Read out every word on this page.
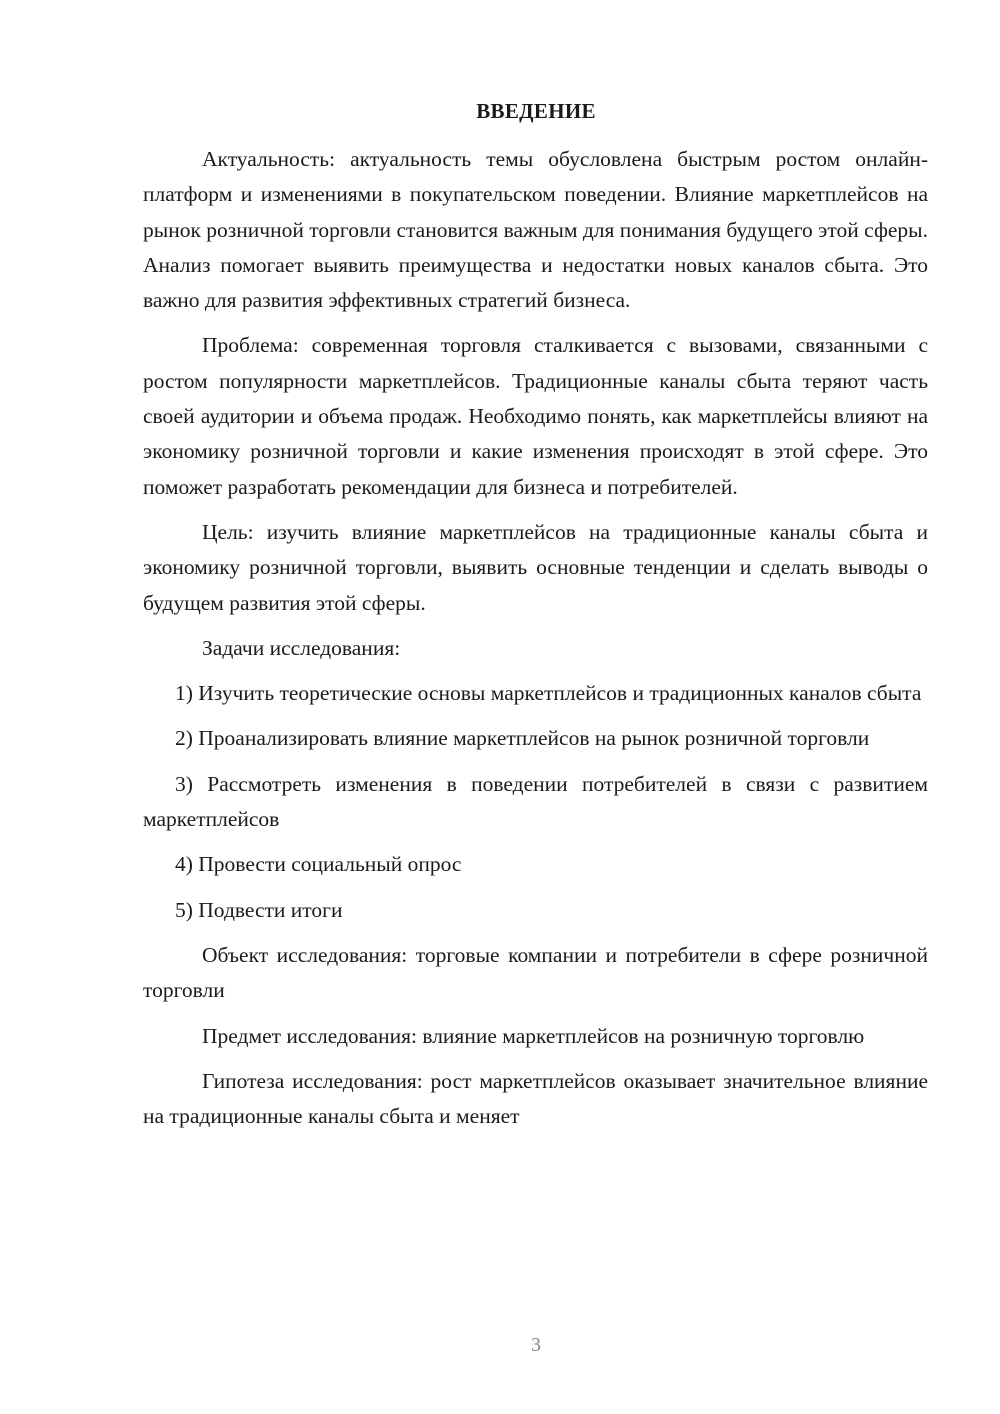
ВВЕДЕНИЕ

Актуальность: актуальность темы обусловлена быстрым ростом онлайн-платформ и изменениями в покупательском поведении. Влияние маркетплейсов на рынок розничной торговли становится важным для понимания будущего этой сферы. Анализ помогает выявить преимущества и недостатки новых каналов сбыта. Это важно для развития эффективных стратегий бизнеса.

Проблема: современная торговля сталкивается с вызовами, связанными с ростом популярности маркетплейсов. Традиционные каналы сбыта теряют часть своей аудитории и объема продаж. Необходимо понять, как маркетплейсы влияют на экономику розничной торговли и какие изменения происходят в этой сфере. Это поможет разработать рекомендации для бизнеса и потребителей.

Цель: изучить влияние маркетплейсов на традиционные каналы сбыта и экономику розничной торговли, выявить основные тенденции и сделать выводы о будущем развития этой сферы.

Задачи исследования:

1) Изучить теоретические основы маркетплейсов и традиционных каналов сбыта

2) Проанализировать влияние маркетплейсов на рынок розничной торговли

3) Рассмотреть изменения в поведении потребителей в связи с развитием маркетплейсов

4) Провести социальный опрос

5) Подвести итоги

Объект исследования: торговые компании и потребители в сфере розничной торговли

Предмет исследования: влияние маркетплейсов на розничную торговлю

Гипотеза исследования: рост маркетплейсов оказывает значительное влияние на традиционные каналы сбыта и меняет

3
